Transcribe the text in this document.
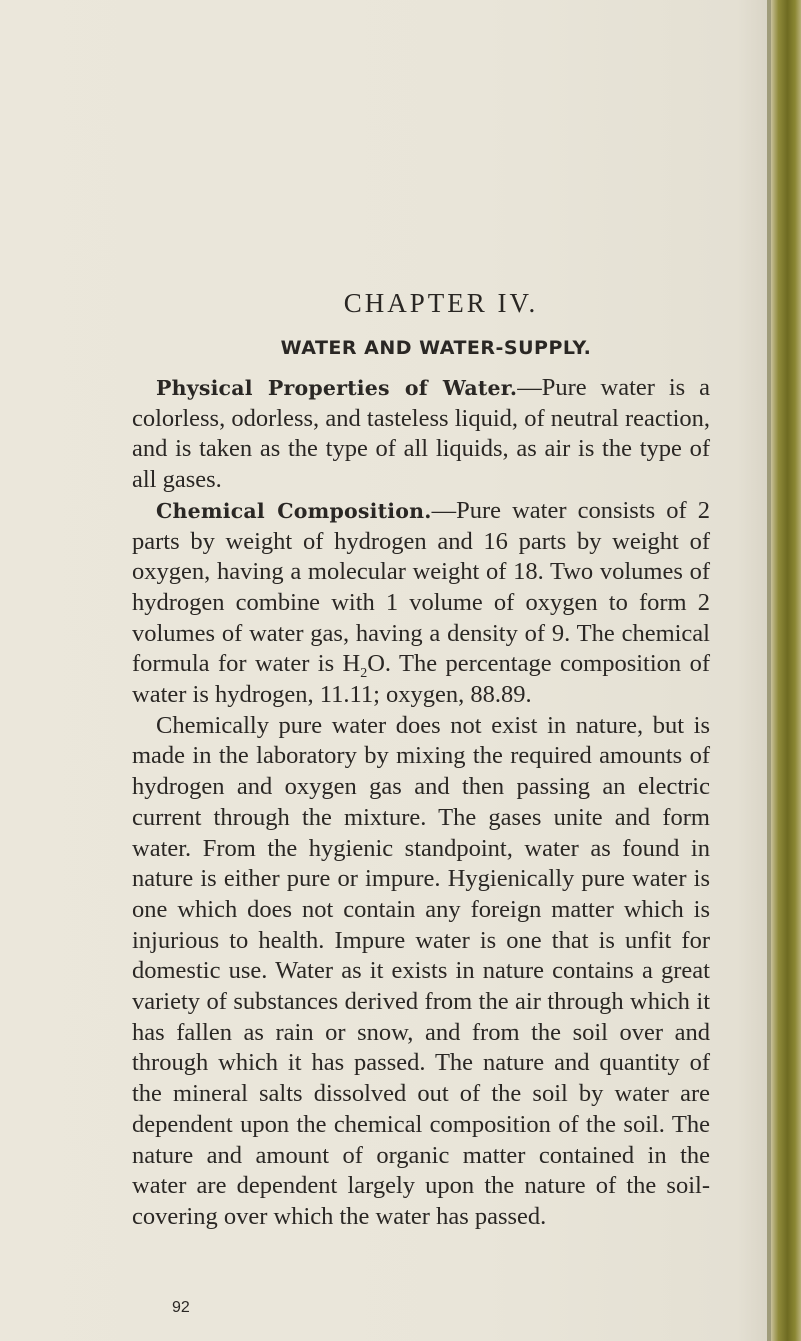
CHAPTER IV.
WATER AND WATER-SUPPLY.

Physical Properties of Water.—Pure water is a colorless, odorless, and tasteless liquid, of neutral reaction, and is taken as the type of all liquids, as air is the type of all gases.

Chemical Composition.—Pure water consists of 2 parts by weight of hydrogen and 16 parts by weight of oxygen, having a molecular weight of 18. Two volumes of hydrogen combine with 1 volume of oxygen to form 2 volumes of water gas, having a density of 9. The chemical formula for water is $H_2O$. The percentage composition of water is hydrogen, 11.11; oxygen, 88.89.

Chemically pure water does not exist in nature, but is made in the laboratory by mixing the required amounts of hydrogen and oxygen gas and then passing an electric current through the mixture. The gases unite and form water. From the hygienic standpoint, water as found in nature is either pure or impure. Hygienically pure water is one which does not contain any foreign matter which is injurious to health. Impure water is one that is unfit for domestic use. Water as it exists in nature contains a great variety of substances derived from the air through which it has fallen as rain or snow, and from the soil over and through which it has passed. The nature and quantity of the mineral salts dissolved out of the soil by water are dependent upon the chemical composition of the soil. The nature and amount of organic matter contained in the water are dependent largely upon the nature of the soil-covering over which the water has passed.

92
